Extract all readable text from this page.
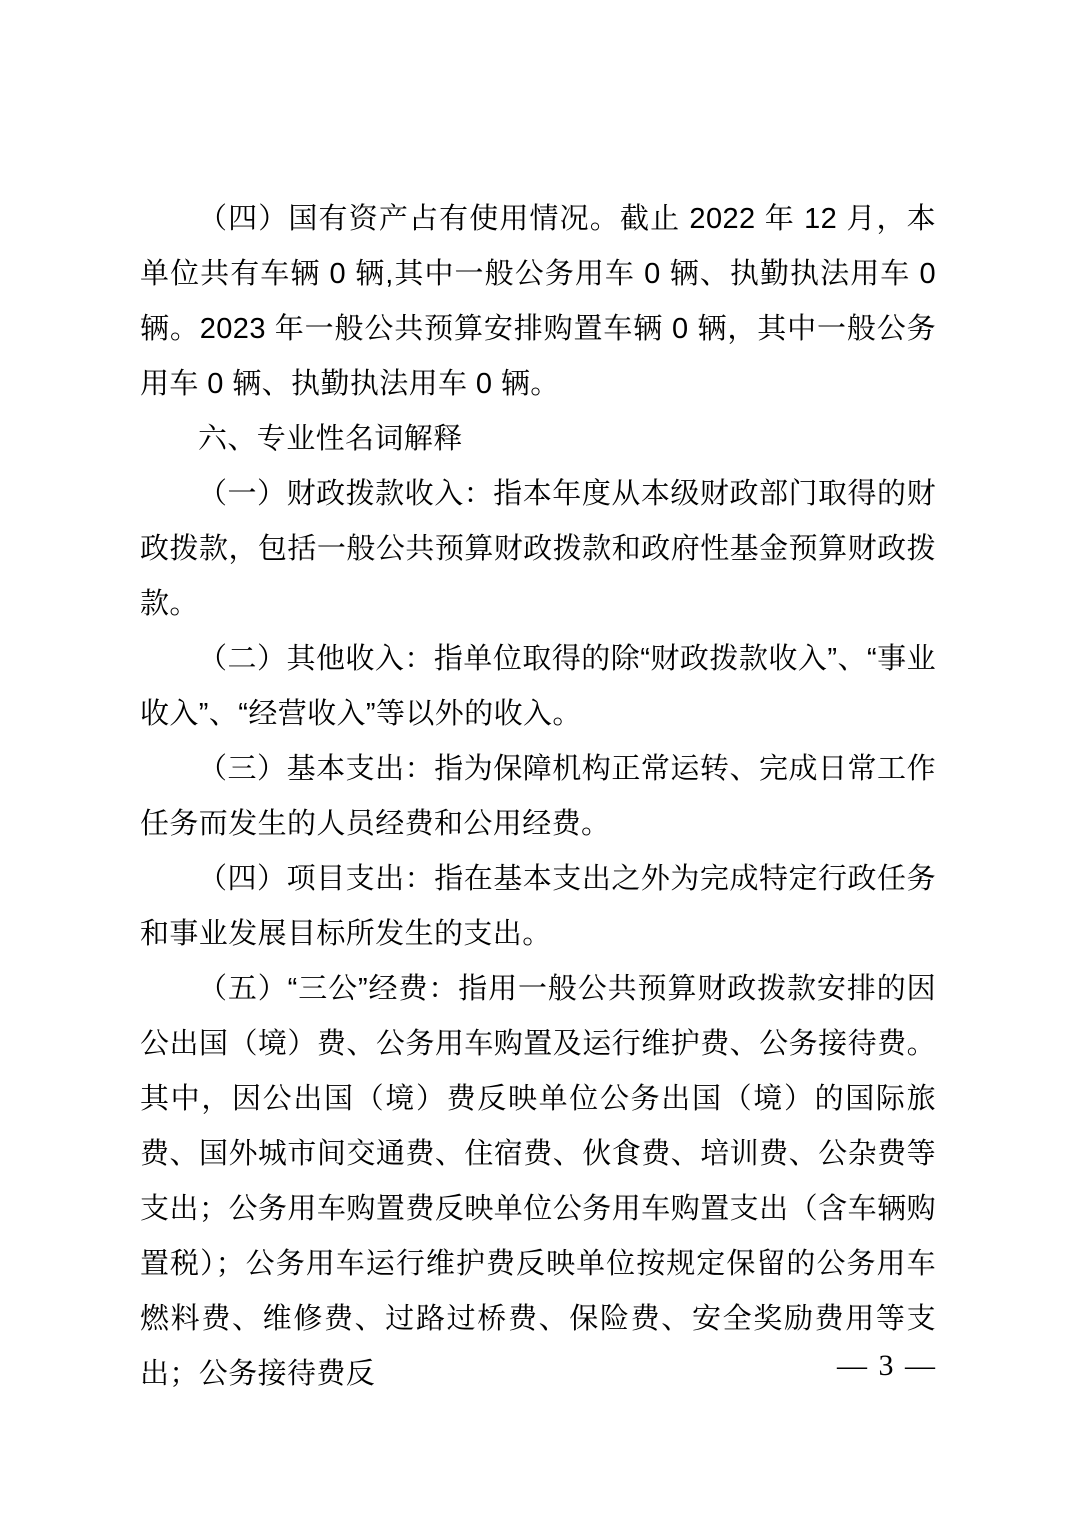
（四）国有资产占有使用情况。截止 2022 年 12 月，本单位共有车辆 0 辆,其中一般公务用车 0 辆、执勤执法用车 0 辆。2023 年一般公共预算安排购置车辆 0 辆，其中一般公务用车 0 辆、执勤执法用车 0 辆。

六、专业性名词解释

（一）财政拨款收入：指本年度从本级财政部门取得的财政拨款，包括一般公共预算财政拨款和政府性基金预算财政拨款。

（二）其他收入：指单位取得的除“财政拨款收入”、“事业收入”、“经营收入”等以外的收入。

（三）基本支出：指为保障机构正常运转、完成日常工作任务而发生的人员经费和公用经费。

（四）项目支出：指在基本支出之外为完成特定行政任务和事业发展目标所发生的支出。

（五）“三公”经费：指用一般公共预算财政拨款安排的因公出国（境）费、公务用车购置及运行维护费、公务接待费。其中，因公出国（境）费反映单位公务出国（境）的国际旅费、国外城市间交通费、住宿费、伙食费、培训费、公杂费等支出；公务用车购置费反映单位公务用车购置支出（含车辆购置税）；公务用车运行维护费反映单位按规定保留的公务用车燃料费、维修费、过路过桥费、保险费、安全奖励费用等支出；公务接待费反	— 3 —
